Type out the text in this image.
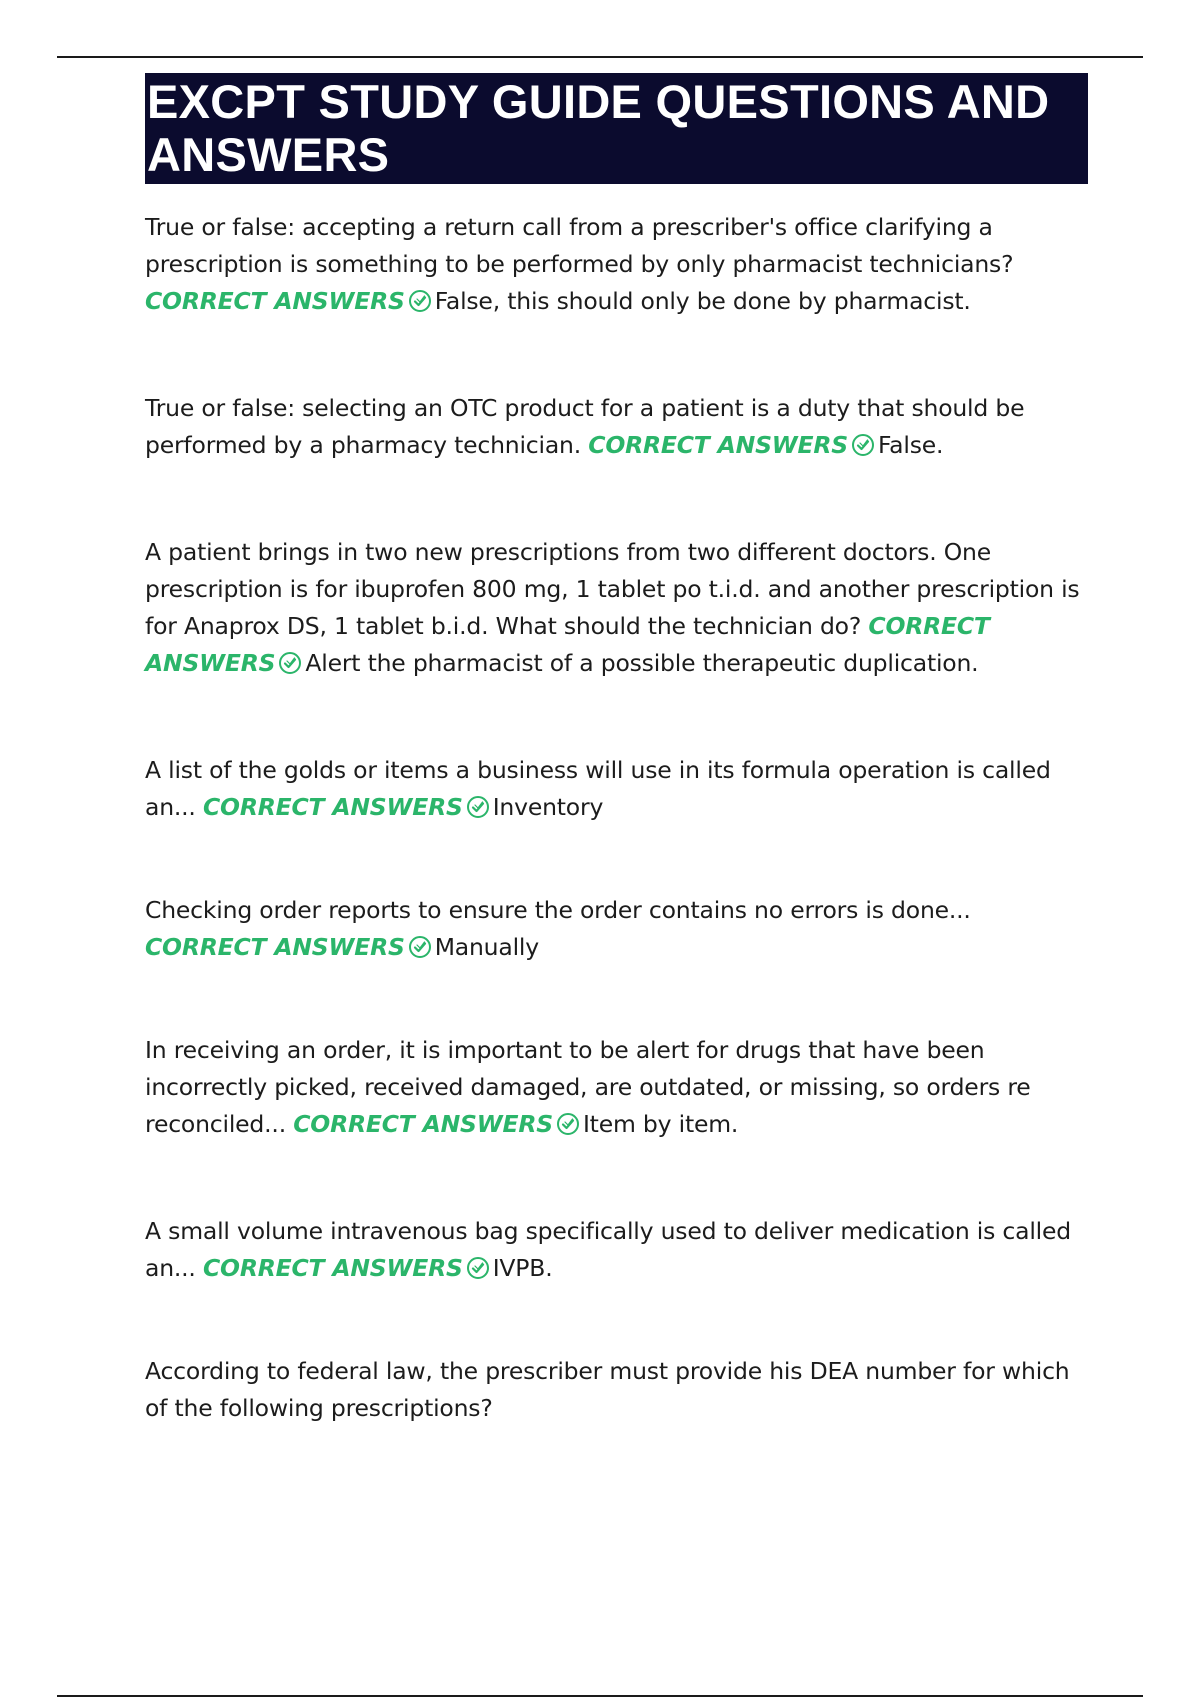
EXCPT STUDY GUIDE QUESTIONS AND ANSWERS

True or false: accepting a return call from a prescriber's office clarifying a prescription is something to be performed by only pharmacist technicians? CORRECT ANSWERS False, this should only be done by pharmacist.

True or false: selecting an OTC product for a patient is a duty that should be performed by a pharmacy technician. CORRECT ANSWERS False.

A patient brings in two new prescriptions from two different doctors. One prescription is for ibuprofen 800 mg, 1 tablet po t.i.d. and another prescription is for Anaprox DS, 1 tablet b.i.d. What should the technician do? CORRECT ANSWERS Alert the pharmacist of a possible therapeutic duplication.

A list of the golds or items a business will use in its formula operation is called an... CORRECT ANSWERS Inventory

Checking order reports to ensure the order contains no errors is done... CORRECT ANSWERS Manually

In receiving an order, it is important to be alert for drugs that have been incorrectly picked, received damaged, are outdated, or missing, so orders re reconciled... CORRECT ANSWERS Item by item.

A small volume intravenous bag specifically used to deliver medication is called an... CORRECT ANSWERS IVPB.

According to federal law, the prescriber must provide his DEA number for which of the following prescriptions?
